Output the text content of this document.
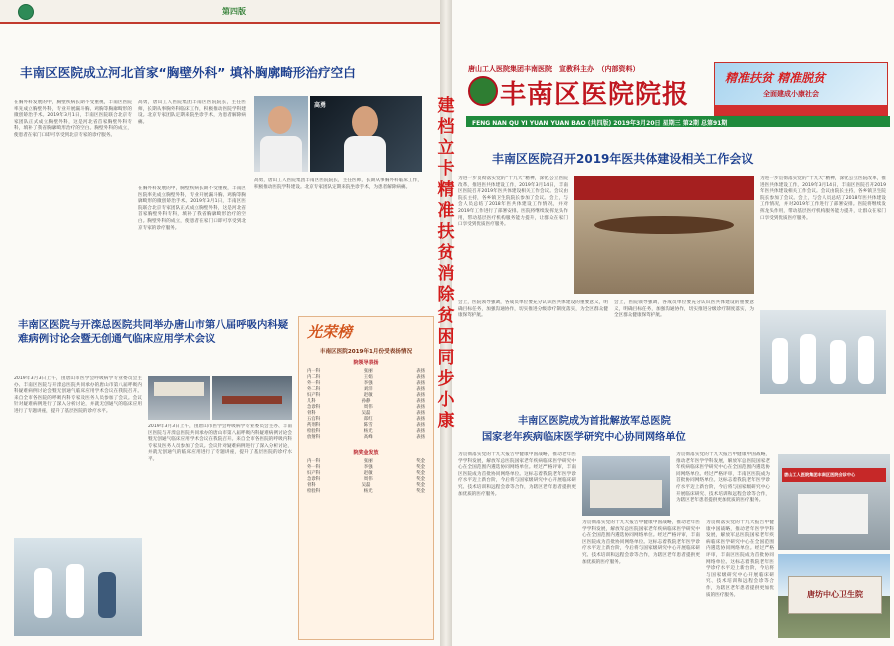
第四版
丰南区医院成立河北首家“胸壁外科” 填补胸廓畸形治疗空白
在胸外科发展的中，胸壁疾病长期不受重视，丰南区医院率先成立胸壁外科，专业开展漏斗胸、鸡胸等胸廓畸形的微创矫治手术。2019年3月1日，丰南区医院联合北京专家团队正式成立胸壁外科，这是河北省首家胸壁外科专科，填补了我省胸廓畸形治疗的空白。胸壁外科的成立，使患者在家门口即可享受到北京专家的诊疗服务。
高勇，唐山工人医院集团丰南区医院院长，主任医师，长期从事胸外科临床工作，积极推动医院学科建设。北京专家团队定期来院坐诊手术，为患者解除病痛。
高勇
高勇，唐山工人医院集团丰南区医院院长，主任医师，长期从事胸外科临床工作，积极推动医院学科建设。北京专家团队定期来院坐诊手术，为患者解除病痛。
在胸外科发展的中，胸壁疾病长期不受重视，丰南区医院率先成立胸壁外科，专业开展漏斗胸、鸡胸等胸廓畸形的微创矫治手术。2019年3月1日，丰南区医院联合北京专家团队正式成立胸壁外科，这是河北省首家胸壁外科专科，填补了我省胸廓畸形治疗的空白。胸壁外科的成立，使患者在家门口即可享受到北京专家的诊疗服务。
丰南区医院与开滦总医院共同举办唐山市第八届呼吸内科疑难病例讨论会暨无创通气临床应用学术会议
2019年3月3日上午，由唐山市医学会呼吸病学专业委员会主办、丰南区医院与开滦总医院共同承办的唐山市第八届呼吸内科疑难病例讨论会暨无创通气临床应用学术会议在我院召开。来自全市各医院的呼吸内科专家及医务人员参加了会议。会议针对疑难病例进行了深入分析讨论，并就无创通气的临床应用进行了专题讲座，提升了基层医院的诊疗水平。
2019年3月3日上午，由唐山市医学会呼吸病学专业委员会主办、丰南区医院与开滦总医院共同承办的唐山市第八届呼吸内科疑难病例讨论会暨无创通气临床应用学术会议在我院召开。来自全市各医院的呼吸内科专家及医务人员参加了会议。会议针对疑难病例进行了深入分析讨论，并就无创通气的临床应用进行了专题讲座，提升了基层医院的诊疗水平。
光荣榜
丰南区医院2019年1月份受表扬情况
院领导表扬
内一科	张丽	表扬
内二科	王娟	表扬
外一科	李强	表扬
外二科	刘洋	表扬
妇产科	赵敏	表扬
儿科	孙静	表扬
急诊科	周伟	表扬
骨科	吴磊	表扬
五官科	郑红	表扬
药剂科	陈雪	表扬
检验科	杨光	表扬
放射科	高峰	表扬
院奖金发放
内一科	张丽	奖金
外一科	李强	奖金
妇产科	赵敏	奖金
急诊科	周伟	奖金
骨科	吴磊	奖金
检验科	杨光	奖金
唐山工人医院集团丰南医院　宣教科主办　（内部资料）
丰南区医院院报
精准扶贫 精准脱贫
全面建成小康社会
FENG NAN QU YI YUAN YUAN BAO (共四版) 2019年3月20日 星期三 第2期 总第91期
丰南区医院召开2019年医共体建设相关工作会议
为进一步贯彻落实党的“十九大”精神，深化公立医院改革，推进医共体建设工作，2019年3月14日，丰南区医院召开2019年医共体建设相关工作会议。会议由院长主持，各乡镇卫生院院长参加了会议。会上，与会人员总结了2018年医共体建设工作情况，并对2019年工作进行了部署安排。医院将继续发挥龙头作用，带动基层医疗机构服务能力提升，让群众在家门口享受到优质医疗服务。
为进一步贯彻落实党的“十九大”精神，深化公立医院改革，推进医共体建设工作，2019年3月14日，丰南区医院召开2019年医共体建设相关工作会议。会议由院长主持，各乡镇卫生院院长参加了会议。会上，与会人员总结了2018年医共体建设工作情况，并对2019年工作进行了部署安排。医院将继续发挥龙头作用，带动基层医疗机构服务能力提升，让群众在家门口享受到优质医疗服务。
会上，医院领导强调，各成员单位要充分认识医共体建设的重要意义，明确目标任务，加强沟通协作，切实推进分级诊疗制度落实，为全区群众健康保驾护航。
会上，医院领导强调，各成员单位要充分认识医共体建设的重要意义，明确目标任务，加强沟通协作，切实推进分级诊疗制度落实，为全区群众健康保驾护航。
丰南区医院成为首批解放军总医院
国家老年疾病临床医学研究中心协同网络单位
为贯彻落实党的十九大报告中健康中国战略，推动老年医学学科发展，解放军总医院国家老年疾病临床医学研究中心在全国范围内遴选协同网络单位。经过严格评审，丰南区医院成为首批协同网络单位。这标志着我院老年医学诊疗水平迈上新台阶，今后将与国家级研究中心开展临床研究、技术培训和远程会诊等合作，为辖区老年患者提供更加优质的医疗服务。
为贯彻落实党的十九大报告中健康中国战略，推动老年医学学科发展，解放军总医院国家老年疾病临床医学研究中心在全国范围内遴选协同网络单位。经过严格评审，丰南区医院成为首批协同网络单位。这标志着我院老年医学诊疗水平迈上新台阶，今后将与国家级研究中心开展临床研究、技术培训和远程会诊等合作，为辖区老年患者提供更加优质的医疗服务。
为贯彻落实党的十九大报告中健康中国战略，推动老年医学学科发展，解放军总医院国家老年疾病临床医学研究中心在全国范围内遴选协同网络单位。经过严格评审，丰南区医院成为首批协同网络单位。这标志着我院老年医学诊疗水平迈上新台阶，今后将与国家级研究中心开展临床研究、技术培训和远程会诊等合作，为辖区老年患者提供更加优质的医疗服务。
为贯彻落实党的十九大报告中健康中国战略，推动老年医学学科发展，解放军总医院国家老年疾病临床医学研究中心在全国范围内遴选协同网络单位。经过严格评审，丰南区医院成为首批协同网络单位。这标志着我院老年医学诊疗水平迈上新台阶，今后将与国家级研究中心开展临床研究、技术培训和远程会诊等合作，为辖区老年患者提供更加优质的医疗服务。
唐山工人医院集团丰南区医院会诊中心
唐坊中心卫生院
建
档
立
卡
精
准
扶
贫
消
除
贫
困
同
步
小
康
